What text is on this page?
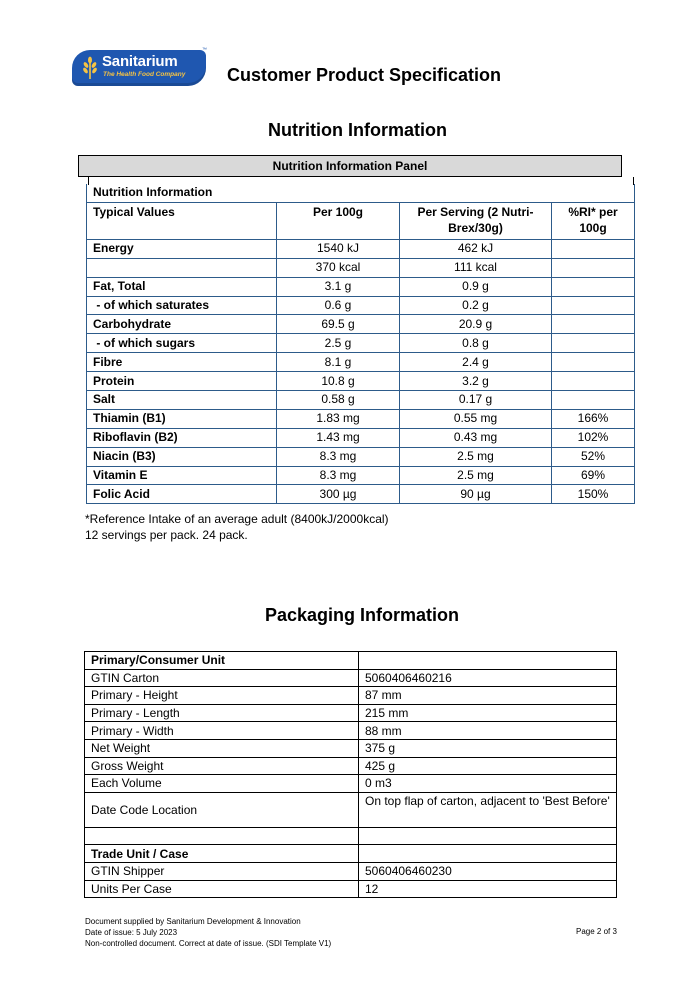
Sanitarium
The Health Food Company
™
Customer Product Specification
Nutrition Information
Nutrition Information Panel
Nutrition Information			
Typical Values	Per 100g	Per Serving (2 Nutri-Brex/30g)	%RI* per 100g
Energy	1540 kJ	462 kJ	
	370 kcal	111 kcal	
Fat, Total	3.1 g	0.9 g	
- of which saturates	0.6 g	0.2 g	
Carbohydrate	69.5 g	20.9 g	
- of which sugars	2.5 g	0.8 g	
Fibre	8.1 g	2.4 g	
Protein	10.8 g	3.2 g	
Salt	0.58 g	0.17 g	
Thiamin (B1)	1.83 mg	0.55 mg	166%
Riboflavin (B2)	1.43 mg	0.43 mg	102%
Niacin (B3)	8.3 mg	2.5 mg	52%
Vitamin E	8.3 mg	2.5 mg	69%
Folic Acid	300 µg	90 µg	150%
*Reference Intake of an average adult (8400kJ/2000kcal)
12 servings per pack. 24 pack.
Packaging Information
Primary/Consumer Unit	
GTIN Carton	5060406460216
Primary - Height	87 mm
Primary - Length	215 mm
Primary - Width	88 mm
Net Weight	375 g
Gross Weight	425 g
Each Volume	0 m3
Date Code Location	On top flap of carton, adjacent to 'Best Before'

Trade Unit / Case	
GTIN Shipper	5060406460230
Units Per Case	12
Document supplied by Sanitarium Development & Innovation
Date of issue: 5 July 2023
Non-controlled document. Correct at date of issue. (SDI Template V1)
Page 2 of 3
